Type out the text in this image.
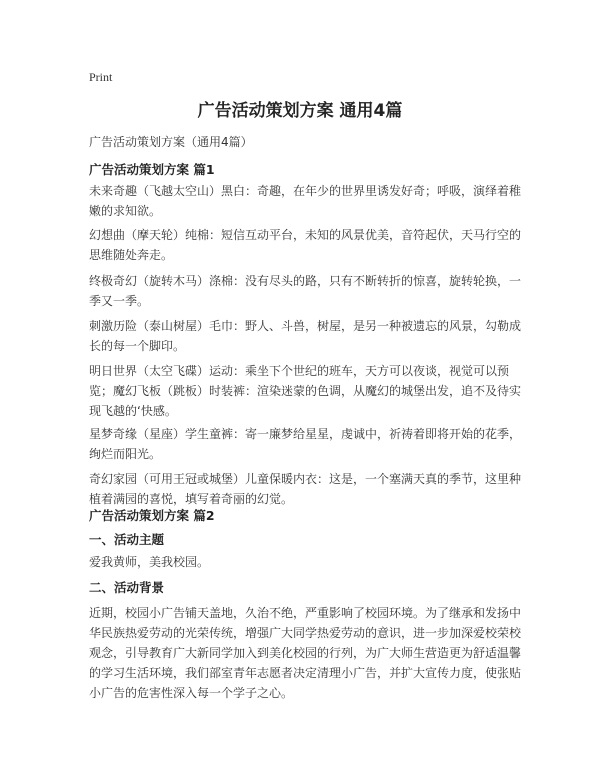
Print
广告活动策划方案 通用4篇
广告活动策划方案（通用4篇）
广告活动策划方案 篇1

未来奇趣（飞越太空山）黑白：奇趣，在年少的世界里诱发好奇；呼吸，演绎着稚嫩的求知欲。

幻想曲（摩天轮）纯棉：短信互动平台，未知的风景优美，音符起伏，天马行空的思维随处奔走。

终极奇幻（旋转木马）涤棉：没有尽头的路，只有不断转折的惊喜，旋转轮换，一季又一季。

刺激历险（泰山树屋）毛巾：野人、斗兽，树屋，是另一种被遗忘的风景，勾勒成长的每一个脚印。

明日世界（太空飞碟）运动：乘坐下个世纪的班车，天方可以夜谈，视觉可以预览；魔幻飞板（跳板）时装裤：渲染迷蒙的色调，从魔幻的城堡出发，追不及待实现飞越的‘快感。

星梦奇缘（星座）学生童裤：寄一廉梦给星星，虔诚中，祈祷着即将开始的花季，绚烂而阳光。

奇幻家园（可用王冠或城堡）儿童保暖内衣：这是，一个塞满天真的季节，这里种植着满园的喜悦，填写着奇丽的幻觉。

广告活动策划方案 篇2
一、活动主题

爱我黄师，美我校园。

二、活动背景

近期，校园小广告铺天盖地，久治不绝，严重影响了校园环境。为了继承和发扬中华民族热爱劳动的光荣传统，增强广大同学热爱劳动的意识，进一步加深爱校荣校观念，引导教育广大新同学加入到美化校园的行列，为广大师生营造更为舒适温馨的学习生活环境，我们部室青年志愿者决定清理小广告，并扩大宣传力度，使张贴小广告的危害性深入每一个学子之心。
